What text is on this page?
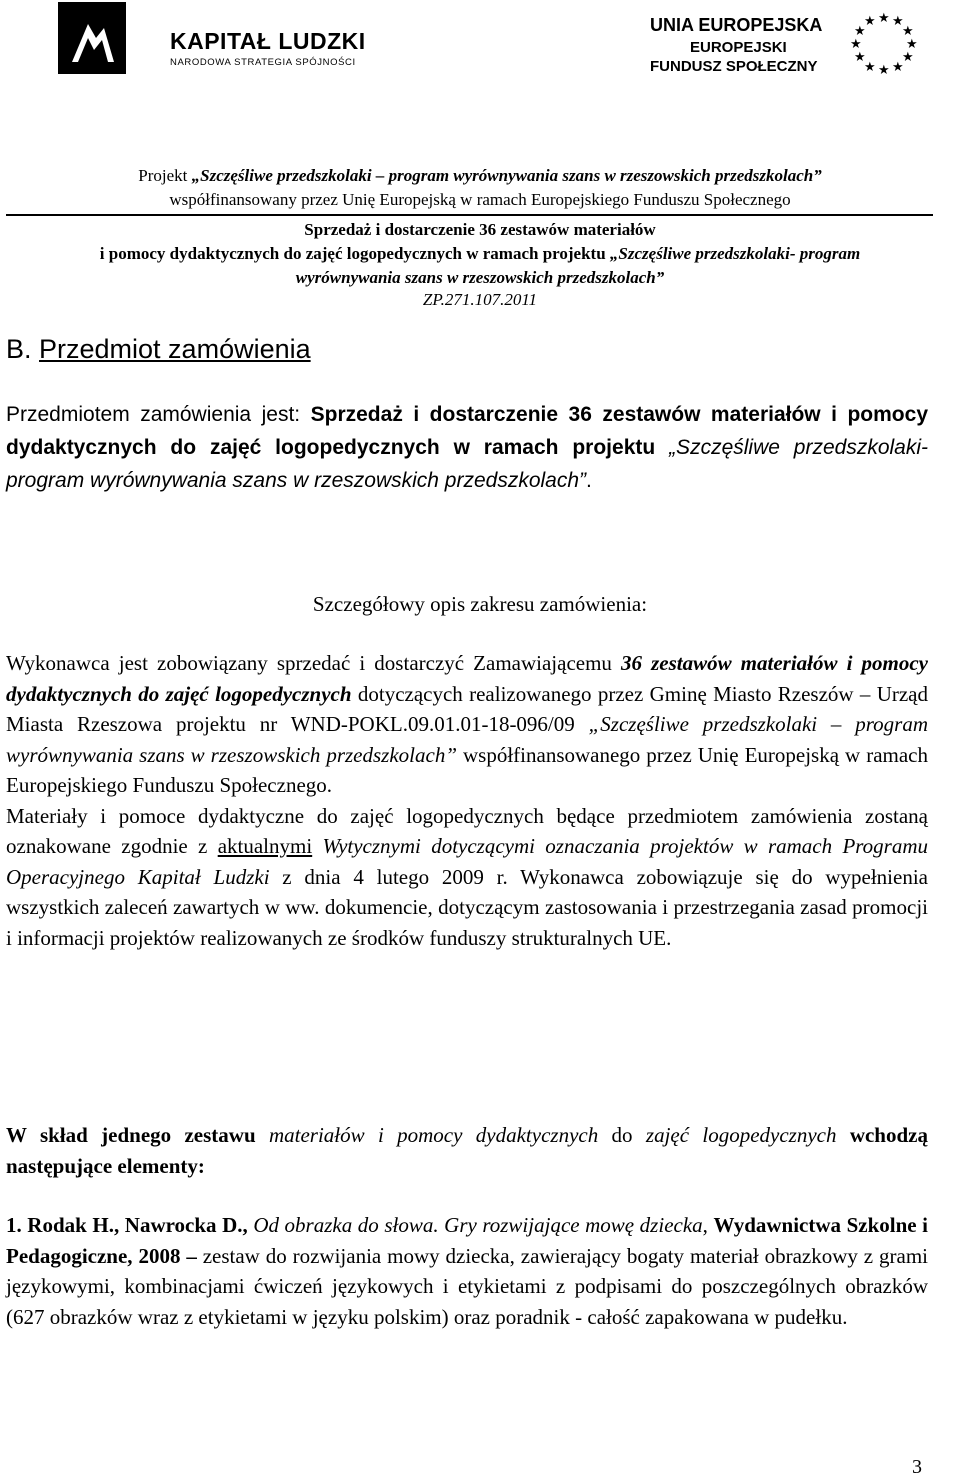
KAPITAŁ LUDZKI
NARODOWA STRATEGIA SPÓJNOŚCI
UNIA EUROPEJSKA
EUROPEJSKI
FUNDUSZ SPOŁECZNY
★ ★
★
★
★
★
★
★
★
★
★ ★
Projekt „Szczęśliwe przedszkolaki – program wyrównywania szans w rzeszowskich przedszkolach”
współfinansowany przez Unię Europejską w ramach Europejskiego Funduszu Społecznego
Sprzedaż i dostarczenie 36 zestawów materiałów
i pomocy dydaktycznych do zajęć logopedycznych w ramach projektu „Szczęśliwe przedszkolaki- program
wyrównywania szans w rzeszowskich przedszkolach”
ZP.271.107.2011
B. Przedmiot zamówienia
Przedmiotem zamówienia jest: Sprzedaż i dostarczenie 36 zestawów materiałów i pomocy dydaktycznych do zajęć logopedycznych w ramach projektu „Szczęśliwe przedszkolaki- program wyrównywania szans w rzeszowskich przedszkolach”.
Szczegółowy opis zakresu zamówienia:
Wykonawca jest zobowiązany sprzedać i dostarczyć Zamawiającemu 36 zestawów materiałów i pomocy dydaktycznych do zajęć logopedycznych dotyczących realizowanego przez Gminę Miasto Rzeszów – Urząd Miasta Rzeszowa projektu nr WND-POKL.09.01.01-18-096/09 „Szczęśliwe przedszkolaki – program wyrównywania szans w rzeszowskich przedszkolach” współfinansowanego przez Unię Europejską w ramach Europejskiego Funduszu Społecznego.
Materiały i pomoce dydaktyczne do zajęć logopedycznych będące przedmiotem zamówienia zostaną oznakowane zgodnie z aktualnymi Wytycznymi dotyczącymi oznaczania projektów w ramach Programu Operacyjnego Kapitał Ludzki z dnia 4 lutego 2009 r. Wykonawca zobowiązuje się do wypełnienia wszystkich zaleceń zawartych w ww. dokumencie, dotyczącym zastosowania i przestrzegania zasad promocji i informacji projektów realizowanych ze środków funduszy strukturalnych UE.
W skład jednego zestawu materiałów i pomocy dydaktycznych do zajęć logopedycznych wchodzą następujące elementy:
1. Rodak H., Nawrocka D., Od obrazka do słowa. Gry rozwijające mowę dziecka, Wydawnictwa Szkolne i Pedagogiczne, 2008 – zestaw do rozwijania mowy dziecka, zawierający bogaty materiał obrazkowy z grami językowymi, kombinacjami ćwiczeń językowych i etykietami z podpisami do poszczególnych obrazków (627 obrazków wraz z etykietami w języku polskim) oraz poradnik - całość zapakowana w pudełku.
3
